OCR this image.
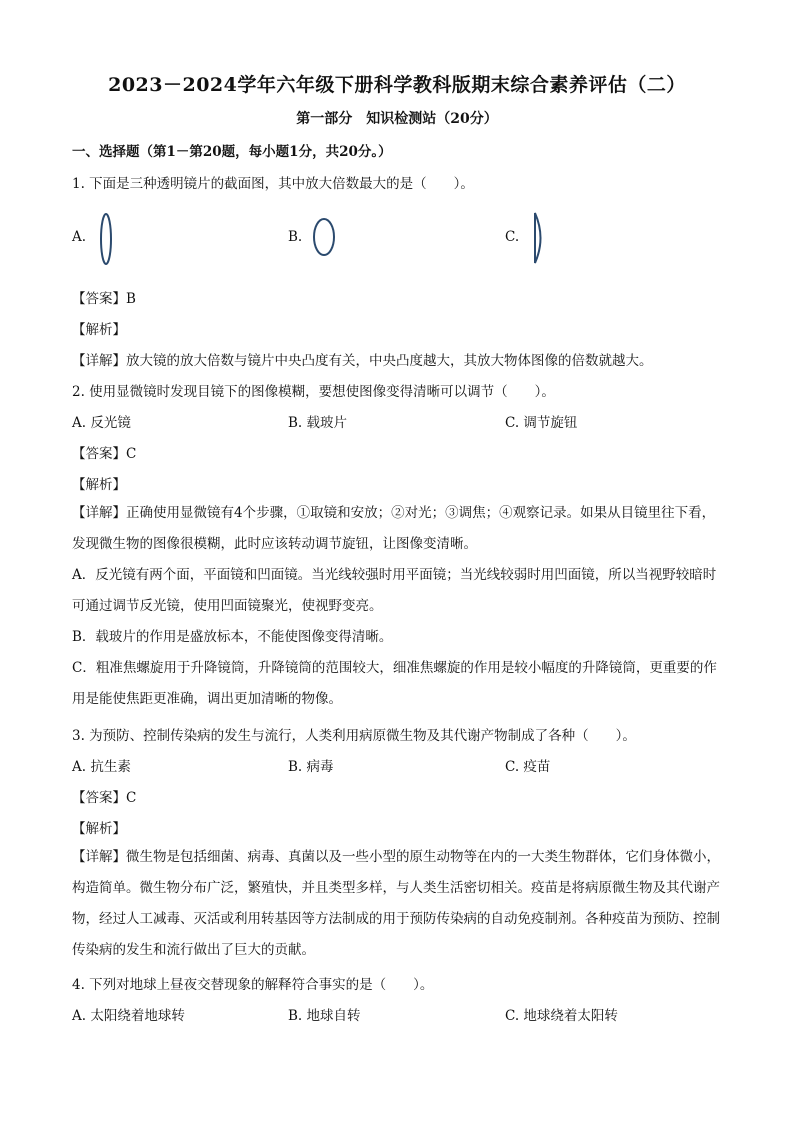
2023－2024学年六年级下册科学教科版期末综合素养评估（二）
第一部分　知识检测站（20分）
一、选择题（第1－第20题，每小题1分，共20分。）
1. 下面是三种透明镜片的截面图，其中放大倍数最大的是（　　）。
A.	B.	C.
【答案】B
【解析】
【详解】放大镜的放大倍数与镜片中央凸度有关，中央凸度越大，其放大物体图像的倍数就越大。
2. 使用显微镜时发现目镜下的图像模糊，要想使图像变得清晰可以调节（　　）。
A. 反光镜	B. 载玻片	C. 调节旋钮
【答案】C
【解析】
【详解】正确使用显微镜有4个步骤，①取镜和安放；②对光；③调焦；④观察记录。如果从目镜里往下看，发现微生物的图像很模糊，此时应该转动调节旋钮，让图像变清晰。
A．反光镜有两个面，平面镜和凹面镜。当光线较强时用平面镜；当光线较弱时用凹面镜，所以当视野较暗时可通过调节反光镜，使用凹面镜聚光，使视野变亮。
B．载玻片的作用是盛放标本，不能使图像变得清晰。
C．粗准焦螺旋用于升降镜筒，升降镜筒的范围较大，细准焦螺旋的作用是较小幅度的升降镜筒，更重要的作用是能使焦距更准确，调出更加清晰的物像。
3. 为预防、控制传染病的发生与流行，人类利用病原微生物及其代谢产物制成了各种（　　）。
A. 抗生素	B. 病毒	C. 疫苗
【答案】C
【解析】
【详解】微生物是包括细菌、病毒、真菌以及一些小型的原生动物等在内的一大类生物群体，它们身体微小，构造简单。微生物分布广泛，繁殖快，并且类型多样，与人类生活密切相关。疫苗是将病原微生物及其代谢产物，经过人工减毒、灭活或利用转基因等方法制成的用于预防传染病的自动免疫制剂。各种疫苗为预防、控制传染病的发生和流行做出了巨大的贡献。
4. 下列对地球上昼夜交替现象的解释符合事实的是（　　）。
A. 太阳绕着地球转	B. 地球自转	C. 地球绕着太阳转
